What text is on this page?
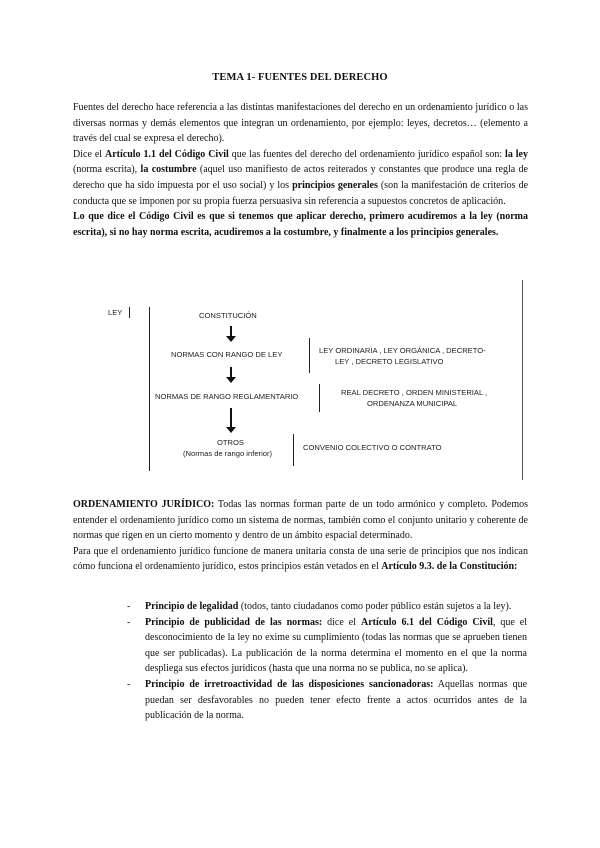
TEMA 1- FUENTES DEL DERECHO

Fuentes del derecho hace referencia a las distintas manifestaciones del derecho en un ordenamiento jurídico o las diversas normas y demás elementos que integran un ordenamiento, por ejemplo: leyes, decretos… (elemento a través del cual se expresa el derecho).

Dice el Artículo 1.1 del Código Civil que las fuentes del derecho del ordenamiento jurídico español son: la ley (norma escrita), la costumbre (aquel uso manifiesto de actos reiterados y constantes que produce una regla de derecho que ha sido impuesta por el uso social) y los principios generales (son la manifestación de criterios de conducta que se imponen por su propia fuerza persuasiva sin referencia a supuestos concretos de aplicación.

Lo que dice el Código Civil es que si tenemos que aplicar derecho, primero acudiremos a la ley (norma escrita), si no hay norma escrita, acudiremos a la costumbre, y finalmente a los principios generales.

LEY	CONSTITUCIÓN
NORMAS CON RANGO DE LEY	LEY ORDINARIA , LEY ORGÁNICA , DECRETO-
LEY , DECRETO LEGISLATIVO
NORMAS DE RANGO REGLAMENTARIO	REAL DECRETO , ORDEN MINISTERIAL ,
ORDENANZA MUNICIPAL
OTROS
(Normas de rango inferior)
CONVENIO COLECTIVO O CONTRATO

ORDENAMIENTO JURÍDICO: Todas las normas forman parte de un todo armónico y completo. Podemos entender el ordenamiento jurídico como un sistema de normas, también como el conjunto unitario y coherente de normas que rigen en un cierto momento y dentro de un ámbito espacial determinado.

Para que el ordenamiento jurídico funcione de manera unitaria consta de una serie de principios que nos indican cómo funciona el ordenamiento jurídico, estos principios están vetados en el Artículo 9.3. de la Constitución:

- Principio de legalidad (todos, tanto ciudadanos como poder público están sujetos a la ley).

- Principio de publicidad de las normas: dice el Artículo 6.1 del Código Civil, que el desconocimiento de la ley no exime su cumplimiento (todas las normas que se aprueben tienen que ser publicadas). La publicación de la norma determina el momento en el que la norma despliega sus efectos jurídicos (hasta que una norma no se publica, no se aplica).

- Principio de irretroactividad de las disposiciones sancionadoras: Aquellas normas que puedan ser desfavorables no pueden tener efecto frente a actos ocurridos antes de la publicación de la norma.
